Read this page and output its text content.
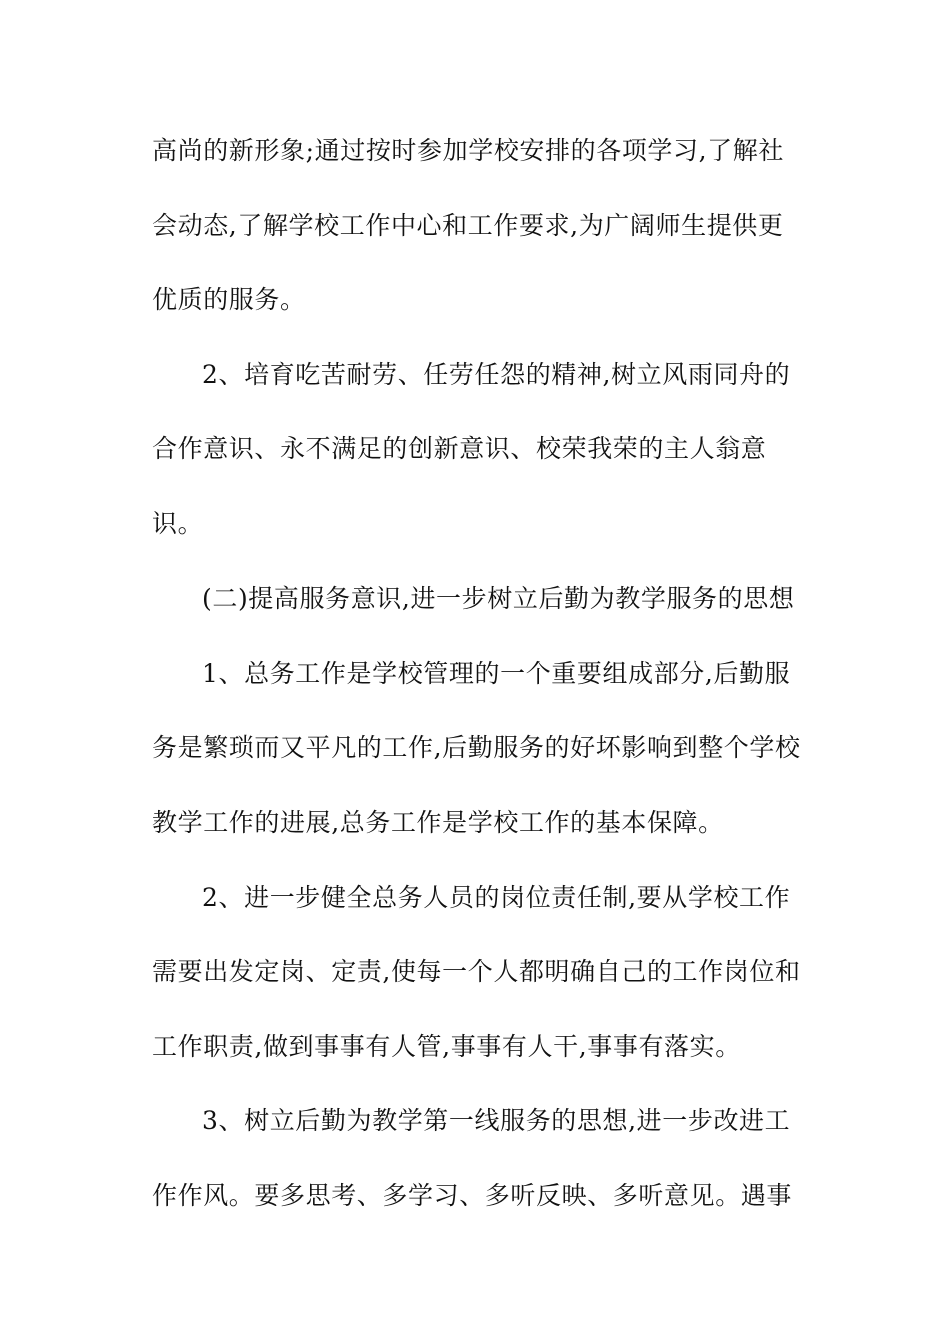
高尚的新形象;通过按时参加学校安排的各项学习,了解社
会动态,了解学校工作中心和工作要求,为广阔师生提供更
优质的服务。
2、培育吃苦耐劳、任劳任怨的精神,树立风雨同舟的
合作意识、永不满足的创新意识、校荣我荣的主人翁意
识。
(二)提高服务意识,进一步树立后勤为教学服务的思想
1、总务工作是学校管理的一个重要组成部分,后勤服
务是繁琐而又平凡的工作,后勤服务的好坏影响到整个学校
教学工作的进展,总务工作是学校工作的基本保障。
2、进一步健全总务人员的岗位责任制,要从学校工作
需要出发定岗、定责,使每一个人都明确自己的工作岗位和
工作职责,做到事事有人管,事事有人干,事事有落实。
3、树立后勤为教学第一线服务的思想,进一步改进工
作作风。要多思考、多学习、多听反映、多听意见。遇事
